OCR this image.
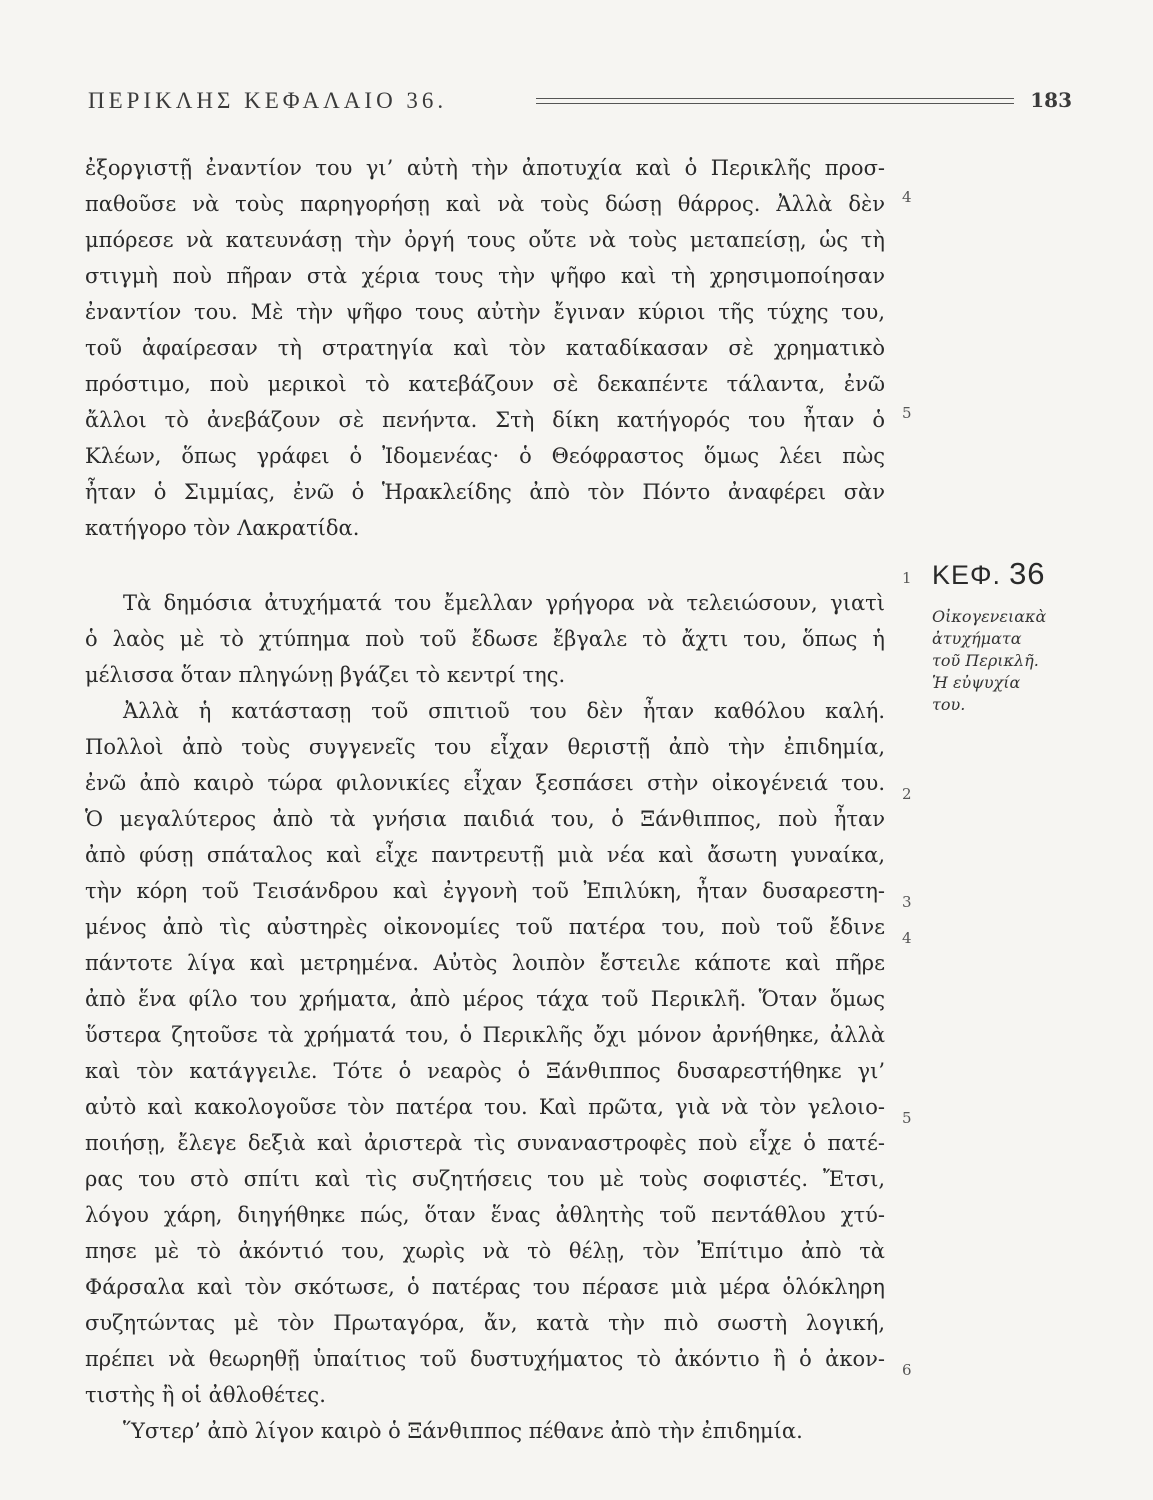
ΠΕΡΙΚΛΗΣ ΚΕΦΑΛΑΙΟ 36.	183
ἐξοργιστῇ ἐναντίον του γι’ αὐτὴ τὴν ἀποτυχία καὶ ὁ Περικλῆς προσ-
παθοῦσε νὰ τοὺς παρηγορήσῃ καὶ νὰ τοὺς δώσῃ θάρρος. Ἀλλὰ δὲν
μπόρεσε νὰ κατευνάσῃ τὴν ὀργή τους οὔτε νὰ τοὺς μεταπείσῃ, ὡς τὴ
στιγμὴ ποὺ πῆραν στὰ χέρια τους τὴν ψῆφο καὶ τὴ χρησιμοποίησαν
ἐναντίον του. Μὲ τὴν ψῆφο τους αὐτὴν ἔγιναν κύριοι τῆς τύχης του,
τοῦ ἀφαίρεσαν τὴ στρατηγία καὶ τὸν καταδίκασαν σὲ χρηματικὸ
πρόστιμο, ποὺ μερικοὶ τὸ κατεβάζουν σὲ δεκαπέντε τάλαντα, ἐνῶ
ἄλλοι τὸ ἀνεβάζουν σὲ πενήντα. Στὴ δίκη κατήγορός του ἦταν ὁ
Κλέων, ὅπως γράφει ὁ Ἰδομενέας· ὁ Θεόφραστος ὅμως λέει πὼς
ἦταν ὁ Σιμμίας, ἐνῶ ὁ Ἡρακλείδης ἀπὸ τὸν Πόντο ἀναφέρει σὰν
κατήγορο τὸν Λακρατίδα.
Τὰ δημόσια ἀτυχήματά του ἔμελλαν γρήγορα νὰ τελειώσουν, γιατὶ
ὁ λαὸς μὲ τὸ χτύπημα ποὺ τοῦ ἔδωσε ἔβγαλε τὸ ἄχτι του, ὅπως ἡ
μέλισσα ὅταν πληγώνῃ βγάζει τὸ κεντρί της.
Ἀλλὰ ἡ κατάστασῃ τοῦ σπιτιοῦ του δὲν ἦταν καθόλου καλή.
Πολλοὶ ἀπὸ τοὺς συγγενεῖς του εἶχαν θεριστῇ ἀπὸ τὴν ἐπιδημία,
ἐνῶ ἀπὸ καιρὸ τώρα φιλονικίες εἶχαν ξεσπάσει στὴν οἰκογένειά του.
Ὁ μεγαλύτερος ἀπὸ τὰ γνήσια παιδιά του, ὁ Ξάνθιππος, ποὺ ἦταν
ἀπὸ φύσῃ σπάταλος καὶ εἶχε παντρευτῇ μιὰ νέα καὶ ἄσωτη γυναίκα,
τὴν κόρη τοῦ Τεισάνδρου καὶ ἐγγονὴ τοῦ Ἐπιλύκη, ἦταν δυσαρεστη-
μένος ἀπὸ τὶς αὐστηρὲς οἰκονομίες τοῦ πατέρα του, ποὺ τοῦ ἔδινε
πάντοτε λίγα καὶ μετρημένα. Αὐτὸς λοιπὸν ἔστειλε κάποτε καὶ πῆρε
ἀπὸ ἕνα φίλο του χρήματα, ἀπὸ μέρος τάχα τοῦ Περικλῆ. Ὅταν ὅμως
ὕστερα ζητοῦσε τὰ χρήματά του, ὁ Περικλῆς ὄχι μόνον ἀρνήθηκε, ἀλλὰ
καὶ τὸν κατάγγειλε. Τότε ὁ νεαρὸς ὁ Ξάνθιππος δυσαρεστήθηκε γι’
αὐτὸ καὶ κακολογοῦσε τὸν πατέρα του. Καὶ πρῶτα, γιὰ νὰ τὸν γελοιο-
ποιήσῃ, ἔλεγε δεξιὰ καὶ ἀριστερὰ τὶς συναναστροφὲς ποὺ εἶχε ὁ πατέ-
ρας του στὸ σπίτι καὶ τὶς συζητήσεις του μὲ τοὺς σοφιστές. Ἔτσι,
λόγου χάρη, διηγήθηκε πώς, ὅταν ἕνας ἀθλητὴς τοῦ πεντάθλου χτύ-
πησε μὲ τὸ ἀκόντιό του, χωρὶς νὰ τὸ θέλῃ, τὸν Ἐπίτιμο ἀπὸ τὰ
Φάρσαλα καὶ τὸν σκότωσε, ὁ πατέρας του πέρασε μιὰ μέρα ὁλόκληρη
συζητώντας μὲ τὸν Πρωταγόρα, ἄν, κατὰ τὴν πιὸ σωστὴ λογική,
πρέπει νὰ θεωρηθῇ ὑπαίτιος τοῦ δυστυχήματος τὸ ἀκόντιο ἢ ὁ ἀκον-
τιστὴς ἢ οἱ ἀθλοθέτες.
Ὕστερ’ ἀπὸ λίγον καιρὸ ὁ Ξάνθιππος πέθανε ἀπὸ τὴν ἐπιδημία.
4
5
1
2
3
4
5
6
ΚΕΦ. 36
Οἰκογενειακὰ
ἀτυχήματα
τοῦ Περικλῆ.
Ἡ εὐψυχία
του.
